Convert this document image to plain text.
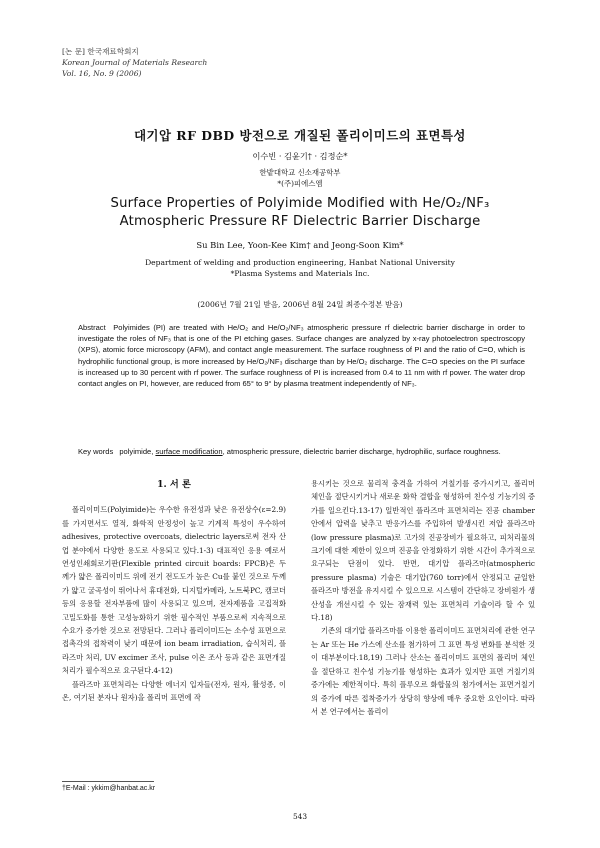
[논 문] 한국재료학회지
Korean Journal of Materials Research
Vol. 16, No. 9 (2006)
대기압 RF DBD 방전으로 개질된 폴리이미드의 표면특성
이수빈 · 김윤기† · 김정순*
한밭대학교 신소재공학부
*(주)피에스엠
Surface Properties of Polyimide Modified with He/O₂/NF₃
Atmospheric Pressure RF Dielectric Barrier Discharge
Su Bin Lee, Yoon-Kee Kim† and Jeong-Soon Kim*
Department of welding and production engineering, Hanbat National University
*Plasma Systems and Materials Inc.
(2006년 7월 21일 받음, 2006년 8월 24일 최종수정본 받음)
Abstract Polyimides (PI) are treated with He/O₂ and He/O₂/NF₃ atmospheric pressure rf dielectric barrier discharge in order to investigate the roles of NF₃ that is one of the PI etching gases. Surface changes are analyzed by x-ray photoelectron spectroscopy (XPS), atomic force microscopy (AFM), and contact angle measurement. The surface roughness of PI and the ratio of C=O, which is hydrophilic functional group, is more increased by He/O₂/NF₃ discharge than by He/O₂ discharge. The C=O species on the PI surface is increased up to 30 percent with rf power. The surface roughness of PI is increased from 0.4 to 11 nm with rf power. The water drop contact angles on PI, however, are reduced from 65° to 9° by plasma treatment independently of NF₃.
Key words polyimide, surface modification, atmospheric pressure, dielectric barrier discharge, hydrophilic, surface roughness.
1. 서 론

폴리이미드(Polyimide)는 우수한 유전성과 낮은 유전상수(ε=2.9)를 가지면서도 열적, 화학적 안정성이 높고 기계적 특성이 우수하여 adhesives, protective overcoats, dielectric layers로써 전자 산업 분야에서 다양한 용도로 사용되고 있다.1-3) 대표적인 응용 예로서 연성인쇄회로기판(Flexible printed circuit boards: FPCB)은 두께가 얇은 폴리이미드 위에 전기 전도도가 높은 Cu를 붙인 것으로 두께가 얇고 굴곡성이 뛰어나서 휴대전화, 디지털카메라, 노트북PC, 캠코더 등의 응용할 전자부품에 많이 사용되고 있으며, 전자제품을 고집적화 고밀도화를 통한 고성능화하기 위한 필수적인 부품으로써 지속적으로 수요가 증가한 것으로 전망된다. 그러나 폴리이미드는 소수성 표면으로 접촉각의 접착력이 낮기 때문에 ion beam irradiation, 습식처리, 플라즈마 처리, UV excimer 조사, pulse 이온 조사 등과 같은 표면개질처리가 필수적으로 요구된다.4-12)

플라즈마 표면처리는 다양한 에너지 입자들(전자, 원자, 활성종, 이온, 여기된 분자나 원자)을 폴리머 표면에 작

용시키는 것으로 물리적 충격을 가하여 거칠기를 증가시키고, 폴리머 체인을 절단시키거나 새로운 화학 결합을 형성하여 친수성 기능기의 증가를 일으킨다.13-17) 일반적인 플라즈마 표면처리는 진공 chamber 안에서 압력을 낮추고 반응가스를 주입하여 발생시킨 저압 플라즈마(low pressure plasma)로 고가의 진공장비가 필요하고, 피처리물의 크기에 대한 제한이 있으며 진공을 안정화하기 위한 시간이 추가적으로 요구되는 단점이 있다. 반면, 대기압 플라즈마(atmospheric pressure plasma) 기술은 대기압(760 torr)에서 안정되고 균일한 플라즈마 방전을 유지시킬 수 있으므로 시스템이 간단하고 장비원가 생산성을 개선시킬 수 있는 잠재력 있는 표면처리 기술이라 할 수 있다.18)

기존의 대기압 플라즈마를 이용한 폴리이미드 표면처리에 관한 연구는 Ar 또는 He 가스에 산소를 첨가하여 그 표면 특성 변화를 분석한 것이 대부분이다.18,19) 그러나 산소는 폴리이미드 표면의 폴리머 체인을 절단하고 친수성 기능기를 형성하는 효과가 있지만 표면 거칠기의 증가에는 제한적이다. 특히 플루오르 화합물의 첨가에서는 표면거칠기의 증가에 따른 접착증가가 상당히 향상에 매우 중요한 요인이다. 따라서 본 연구에서는 폴리이

†E-Mail : ykkim@hanbat.ac.kr
543
